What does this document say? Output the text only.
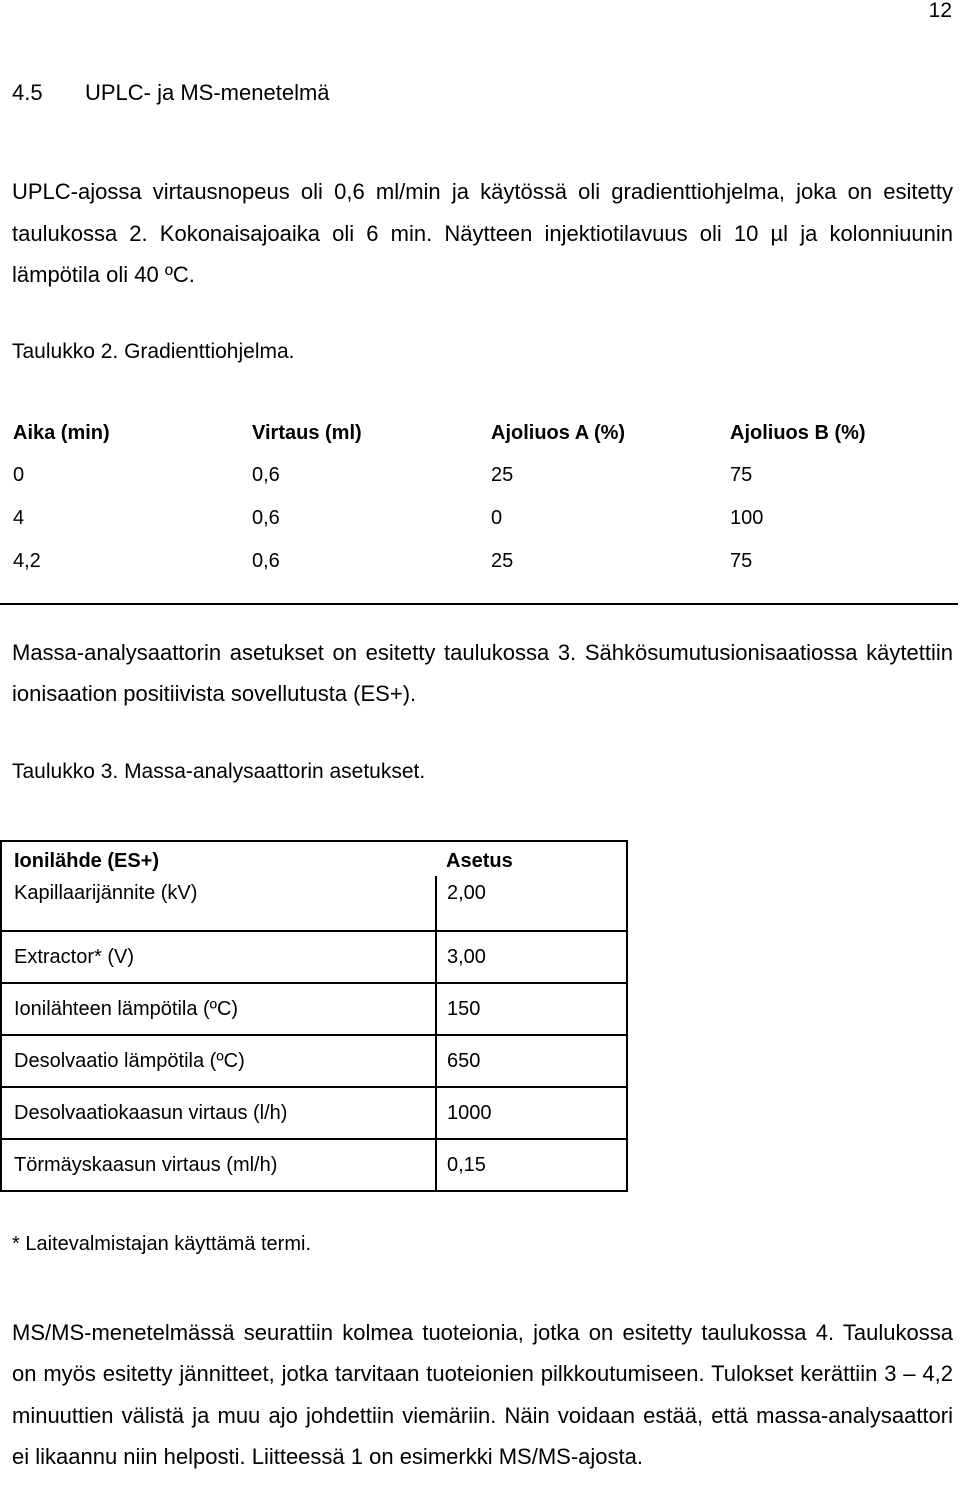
12
4.5	UPLC- ja MS-menetelmä

UPLC-ajossa virtausnopeus oli 0,6 ml/min ja käytössä oli gradienttiohjelma, joka on esitetty taulukossa 2. Kokonaisajoaika oli 6 min. Näytteen injektiotilavuus oli 10 µl ja kolonniuunin lämpötila oli 40 ºC.

Taulukko 2. Gradienttiohjelma.
Aika (min)	Virtaus (ml)	Ajoliuos A (%)	Ajoliuos B (%)
0	0,6	25	75
4	0,6	0	100
4,2	0,6	25	75

Massa-analysaattorin asetukset on esitetty taulukossa 3. Sähkösumutusionisaatiossa käytettiin ionisaation positiivista sovellutusta (ES+).

Taulukko 3. Massa-analysaattorin asetukset.
Ionilähde (ES+)	Asetus
Kapillaarijännite (kV)	2,00
Extractor* (V)	3,00
Ionilähteen lämpötila (ºC)	150
Desolvaatio lämpötila (ºC)	650
Desolvaatiokaasun virtaus (l/h)	1000
Törmäyskaasun virtaus (ml/h)	0,15
* Laitevalmistajan käyttämä termi.

MS/MS-menetelmässä seurattiin kolmea tuoteionia, jotka on esitetty taulukossa 4. Taulukossa on myös esitetty jännitteet, jotka tarvitaan tuoteionien pilkkoutumiseen. Tulokset kerättiin 3 – 4,2 minuuttien välistä ja muu ajo johdettiin viemäriin. Näin voidaan estää, että massa-analysaattori ei likaannu niin helposti. Liitteessä 1 on esimerkki MS/MS-ajosta.
